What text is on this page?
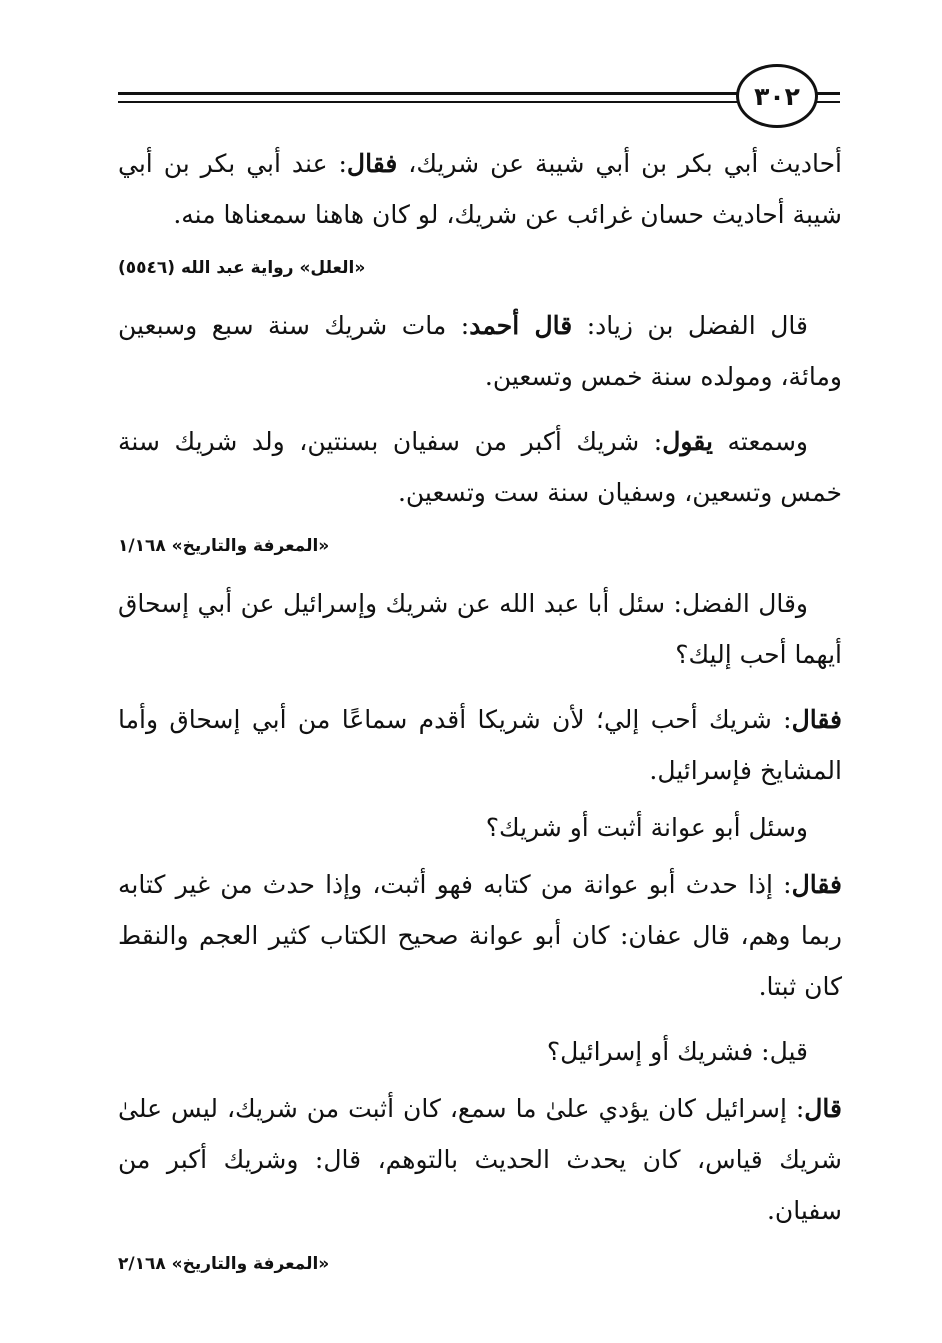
٣٠٢

أحاديث أبي بكر بن أبي شيبة عن شريك، فقال: عند أبي بكر بن أبي شيبة أحاديث حسان غرائب عن شريك، لو كان هاهنا سمعناها منه.

«العلل» رواية عبد الله (٥٥٤٦)

قال الفضل بن زياد: قال أحمد: مات شريك سنة سبع وسبعين ومائة، ومولده سنة خمس وتسعين.

وسمعته يقول: شريك أكبر من سفيان بسنتين، ولد شريك سنة خمس وتسعين، وسفيان سنة ست وتسعين.

«المعرفة والتاريخ» ١/١٦٨

وقال الفضل: سئل أبا عبد الله عن شريك وإسرائيل عن أبي إسحاق أيهما أحب إليك؟

فقال: شريك أحب إلي؛ لأن شريكا أقدم سماعًا من أبي إسحاق وأما المشايخ فإسرائيل.

وسئل أبو عوانة أثبت أو شريك؟

فقال: إذا حدث أبو عوانة من كتابه فهو أثبت، وإذا حدث من غير كتابه ربما وهم، قال عفان: كان أبو عوانة صحيح الكتاب كثير العجم والنقط كان ثبتا.

قيل: فشريك أو إسرائيل؟

قال: إسرائيل كان يؤدي علىٰ ما سمع، كان أثبت من شريك، ليس علىٰ شريك قياس، كان يحدث الحديث بالتوهم، قال: وشريك أكبر من سفيان.

«المعرفة والتاريخ» ٢/١٦٨
